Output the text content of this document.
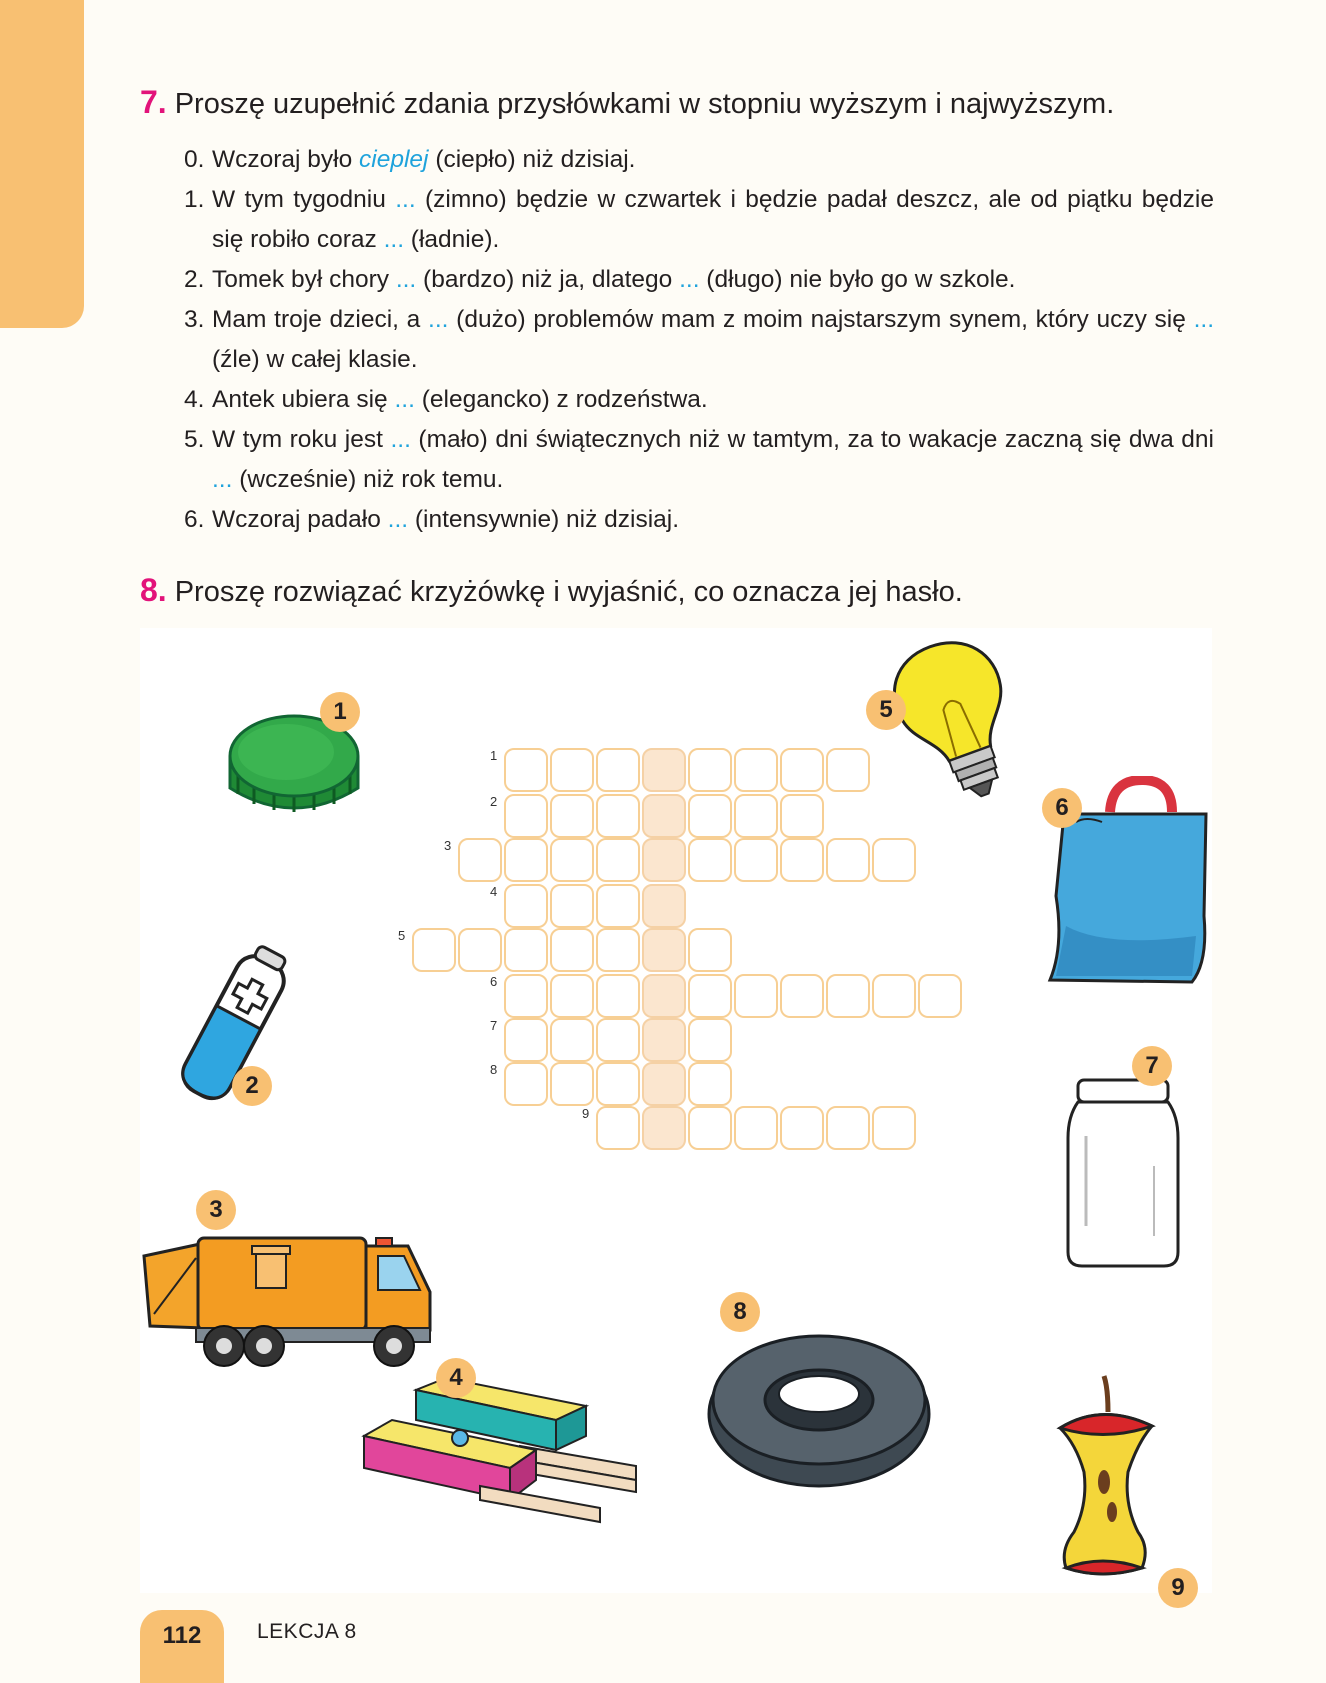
7. Proszę uzupełnić zdania przysłówkami w stopniu wyższym i najwyższym.
0. Wczoraj było cieplej (ciepło) niż dzisiaj.
1. W tym tygodniu ... (zimno) będzie w czwartek i będzie padał deszcz, ale od piątku będzie się robiło coraz ... (ładnie).
2. Tomek był chory ... (bardzo) niż ja, dlatego ... (długo) nie było go w szkole.
3. Mam troje dzieci, a ... (dużo) problemów mam z moim najstarszym synem, który uczy się ... (źle) w całej klasie.
4. Antek ubiera się ... (elegancko) z rodzeństwa.
5. W tym roku jest ... (mało) dni świątecznych niż w tamtym, za to wakacje zaczną się dwa dni ... (wcześnie) niż rok temu.
6. Wczoraj padało ... (intensywnie) niż dzisiaj.
8. Proszę rozwiązać krzyżówkę i wyjaśnić, co oznacza jej hasło.
1
2
3
4
5
6
7
8
9
1
2
3
4
5
6
7
8
9
112	LEKCJA 8
